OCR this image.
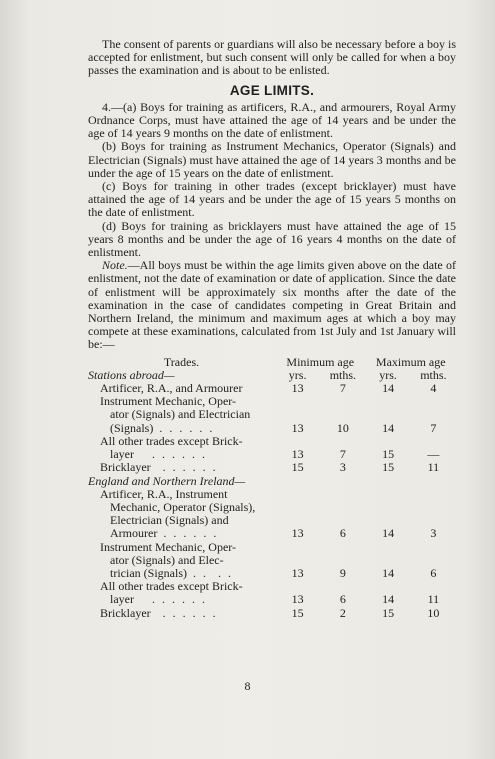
The consent of parents or guardians will also be necessary before a boy is accepted for enlistment, but such consent will only be called for when a boy passes the examination and is about to be enlisted.

AGE LIMITS.

4.—(a) Boys for training as artificers, R.A., and armourers, Royal Army Ordnance Corps, must have attained the age of 14 years and be under the age of 14 years 9 months on the date of enlistment.

(b) Boys for training as Instrument Mechanics, Operator (Signals) and Electrician (Signals) must have attained the age of 14 years 3 months and be under the age of 15 years on the date of enlistment.

(c) Boys for training in other trades (except bricklayer) must have attained the age of 14 years and be under the age of 15 years 5 months on the date of enlistment.

(d) Boys for training as bricklayers must have attained the age of 15 years 8 months and be under the age of 16 years 4 months on the date of enlistment.

Note.—All boys must be within the age limits given above on the date of enlistment, not the date of examination or date of application. Since the date of enlistment will be approximately six months after the date of the examination in the case of candidates competing in Great Britain and Northern Ireland, the minimum and maximum ages at which a boy may compete at these examinations, calculated from 1st July and 1st January will be:—

Trades.	Minimum age		Maximum age	
Stations abroad—	yrs.	mths.	yrs.	mths.
Artificer, R.A., and Armourer	13	7	14	4

Instrument Mechanic, Oper-
ator (Signals) and Electrician
(Signals) . . . . . .	13	10	14	7

All other trades except Brick-
layer . . . . . .	13	7	15	—
Bricklayer . . . . . .	15	3	15	11
England and Northern Ireland—				

Artificer, R.A., Instrument
Mechanic, Operator (Signals),
Electrician (Signals) and
Armourer . . . . . .	13	6	14	3

Instrument Mechanic, Oper-
ator (Signals) and Elec-
trician (Signals) . .  . .	13	9	14	6

All other trades except Brick-
layer . . . . . .	13	6	14	11
Bricklayer . . . . . .	15	2	15	10
8
